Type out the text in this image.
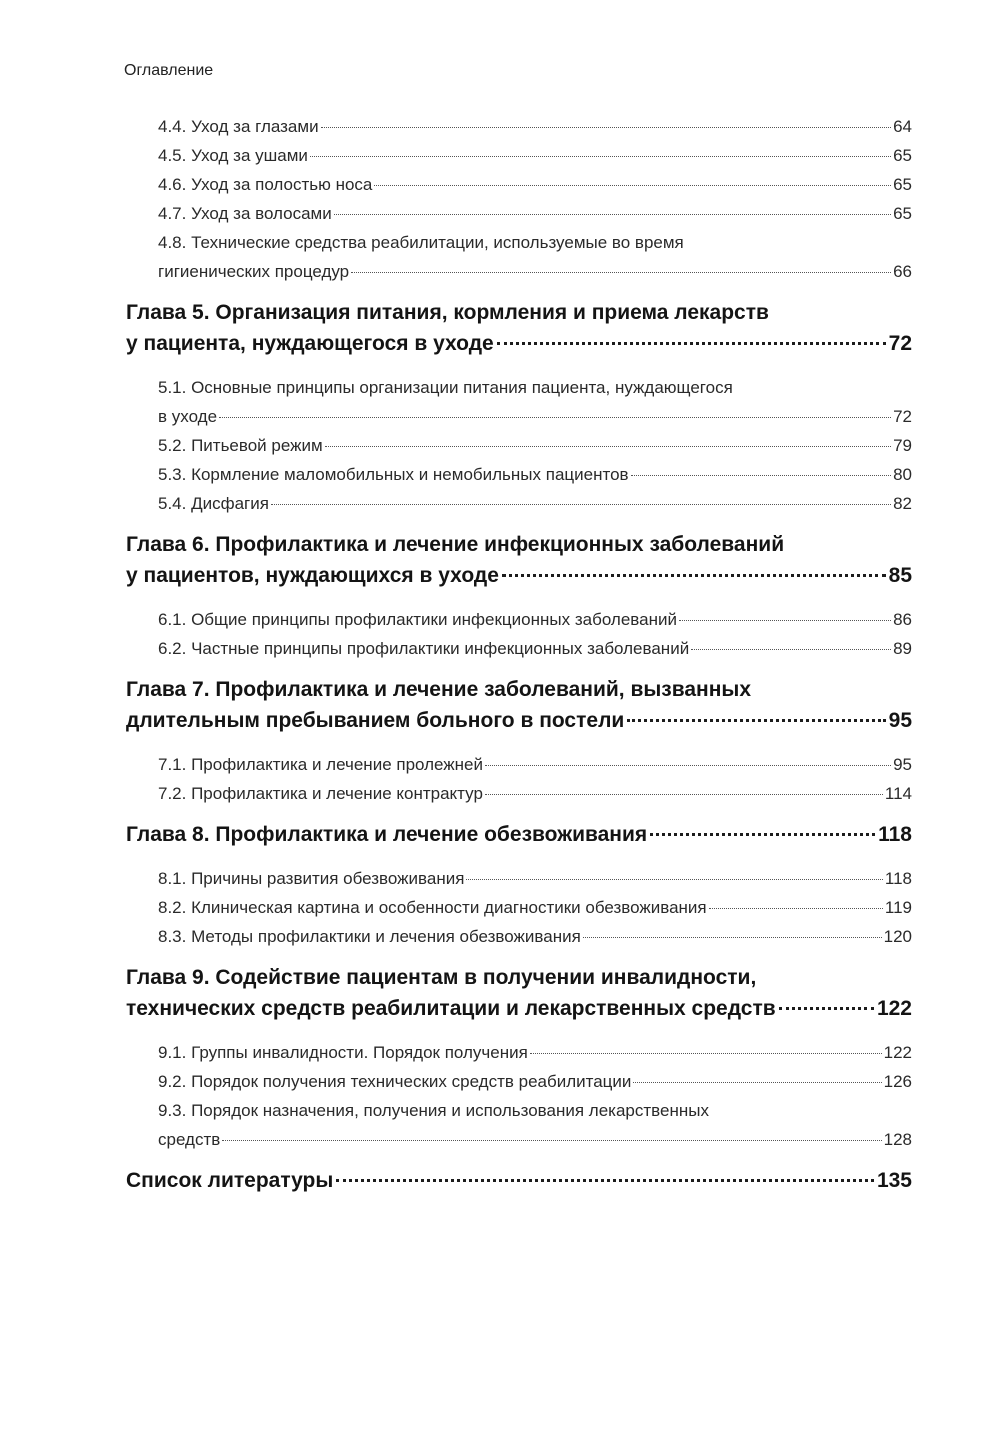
Оглавление
4.4. Уход за глазами	64
4.5. Уход за ушами	65
4.6. Уход за полостью носа	65
4.7. Уход за волосами	65
4.8. Технические средства реабилитации, используемые во время
гигиенических процедур	66
Глава 5. Организация питания, кормления и приема лекарств
у пациента, нуждающегося в уходе	72
5.1. Основные принципы организации питания пациента, нуждающегося
в уходе	72
5.2. Питьевой режим	79
5.3. Кормление маломобильных и немобильных пациентов	80
5.4. Дисфагия	82
Глава 6. Профилактика и лечение инфекционных заболеваний
у пациентов, нуждающихся в уходе	85
6.1. Общие принципы профилактики инфекционных заболеваний	86
6.2. Частные принципы профилактики инфекционных заболеваний	89
Глава 7. Профилактика и лечение заболеваний, вызванных
длительным пребыванием больного в постели	95
7.1. Профилактика и лечение пролежней	95
7.2. Профилактика и лечение контрактур	114
Глава 8. Профилактика и лечение обезвоживания	118
8.1. Причины развития обезвоживания	118
8.2. Клиническая картина и особенности диагностики обезвоживания	119
8.3. Методы профилактики и лечения обезвоживания	120
Глава 9. Содействие пациентам в получении инвалидности,
технических средств реабилитации и лекарственных средств	122
9.1. Группы инвалидности. Порядок получения	122
9.2. Порядок получения технических средств реабилитации	126
9.3. Порядок назначения, получения и использования лекарственных
средств	128
Список литературы	135
